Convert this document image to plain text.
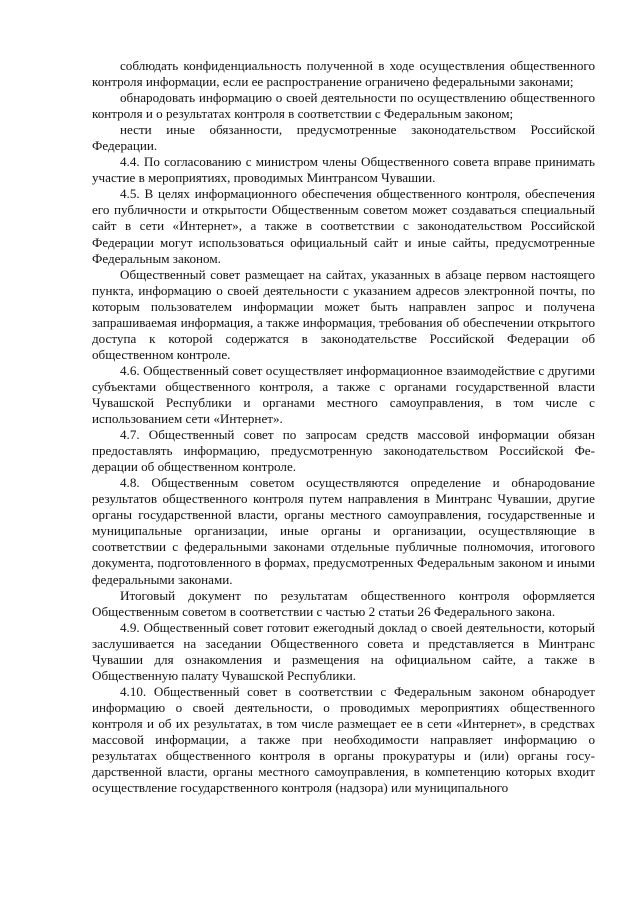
соблюдать конфиденциальность полученной в ходе осуществления общественного контроля информации, если ее распространение ограничено федеральными законами;

обнародовать информацию о своей деятельности по осуществлению общественного контроля и о результатах контроля в соответствии с Федеральным законом;

нести иные обязанности, предусмотренные законодательством Российской Федерации.

4.4. По согласованию с министром члены Общественного совета вправе принимать участие в мероприятиях, проводимых Минтрансом Чувашии.

4.5. В целях информационного обеспечения общественного контроля, обеспечения его публичности и открытости Общественным советом может создаваться специальный сайт в сети «Интернет», а также в соответствии с законодательством Российской Федерации могут использоваться официальный сайт и иные сайты, предусмотренные Федеральным законом.

Общественный совет размещает на сайтах, указанных в абзаце первом настоящего пункта, информацию о своей деятельности с указанием адресов электронной почты, по которым пользователем информации может быть направлен запрос и получена запрашиваемая информация, а также информация, требования об обеспечении открытого доступа к которой содержатся в законодательстве Российской Федерации об общественном контроле.

4.6. Общественный совет осуществляет информационное взаимодействие с другими субъектами общественного контроля, а также с органами государственной власти Чувашской Республики и органами местного самоуправления, в том числе с использованием сети «Интернет».

4.7. Общественный совет по запросам средств массовой информации обязан предоставлять информацию, предусмотренную законодательством Российской Федерации об общественном контроле.

4.8. Общественным советом осуществляются определение и обнародование результатов общественного контроля путем направления в Минтранс Чувашии, другие органы государственной власти, органы местного самоуправления, государственные и муниципальные организации, иные органы и организации, осуществляющие в соответствии с федеральными законами отдельные публичные полномочия, итогового документа, подготовленного в формах, предусмотренных Федеральным законом и иными федеральными законами.

Итоговый документ по результатам общественного контроля оформляется Общественным советом в соответствии с частью 2 статьи 26 Федерального закона.

4.9. Общественный совет готовит ежегодный доклад о своей деятельности, который заслушивается на заседании Общественного совета и представляется в Минтранс Чувашии для ознакомления и размещения на официальном сайте, а также в Общественную палату Чувашской Республики.

4.10. Общественный совет в соответствии с Федеральным законом обнародует информацию о своей деятельности, о проводимых мероприятиях общественного контроля и об их результатах, в том числе размещает ее в сети «Интернет», в средствах массовой информации, а также при необходимости направляет информацию о результатах общественного контроля в органы прокуратуры и (или) органы государственной власти, органы местного самоуправления, в компетенцию которых входит осуществление государственного контроля (надзора) или муниципального
